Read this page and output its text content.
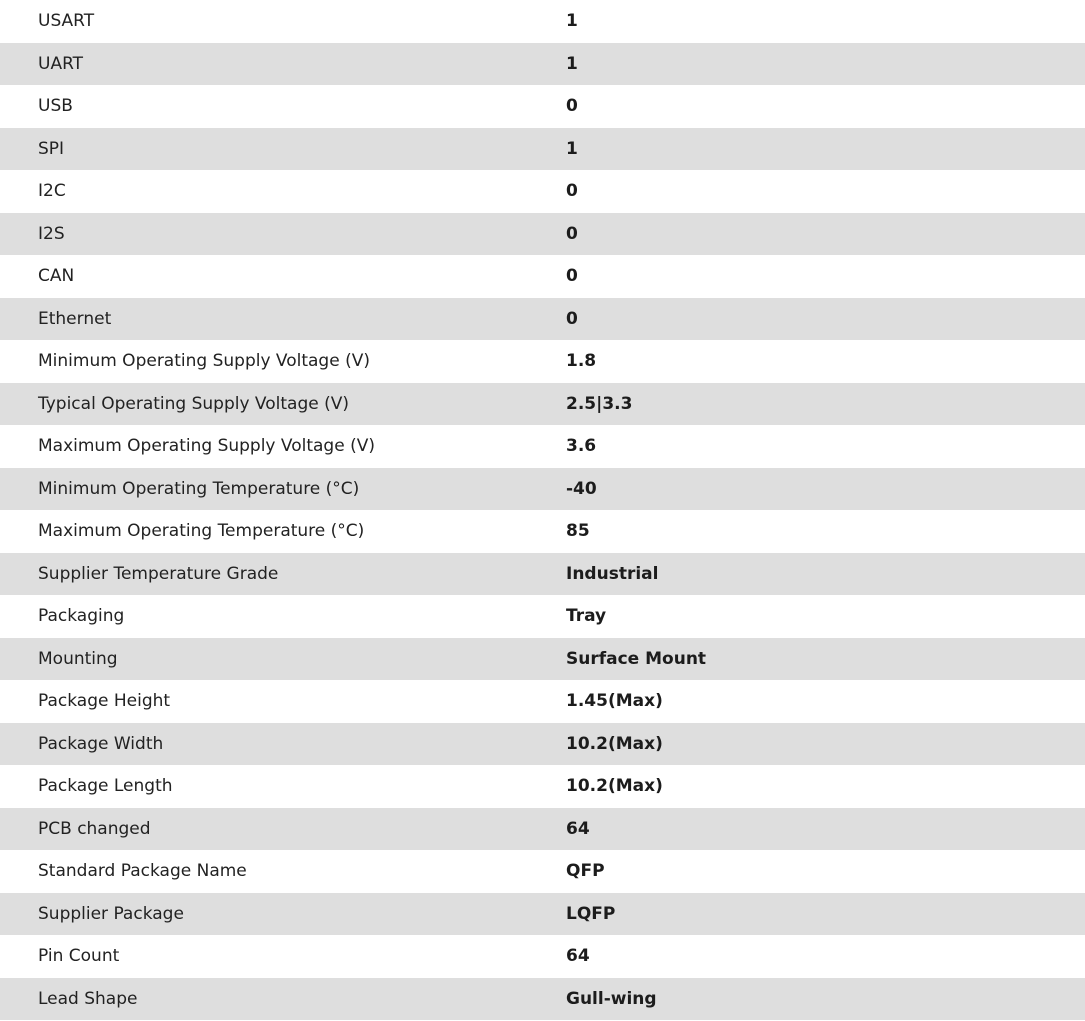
USART	1
UART	1
USB	0
SPI	1
I2C	0
I2S	0
CAN	0
Ethernet	0
Minimum Operating Supply Voltage (V)	1.8
Typical Operating Supply Voltage (V)	2.5|3.3
Maximum Operating Supply Voltage (V)	3.6
Minimum Operating Temperature (°C)	-40
Maximum Operating Temperature (°C)	85
Supplier Temperature Grade	Industrial
Packaging	Tray
Mounting	Surface Mount
Package Height	1.45(Max)
Package Width	10.2(Max)
Package Length	10.2(Max)
PCB changed	64
Standard Package Name	QFP
Supplier Package	LQFP
Pin Count	64
Lead Shape	Gull-wing
